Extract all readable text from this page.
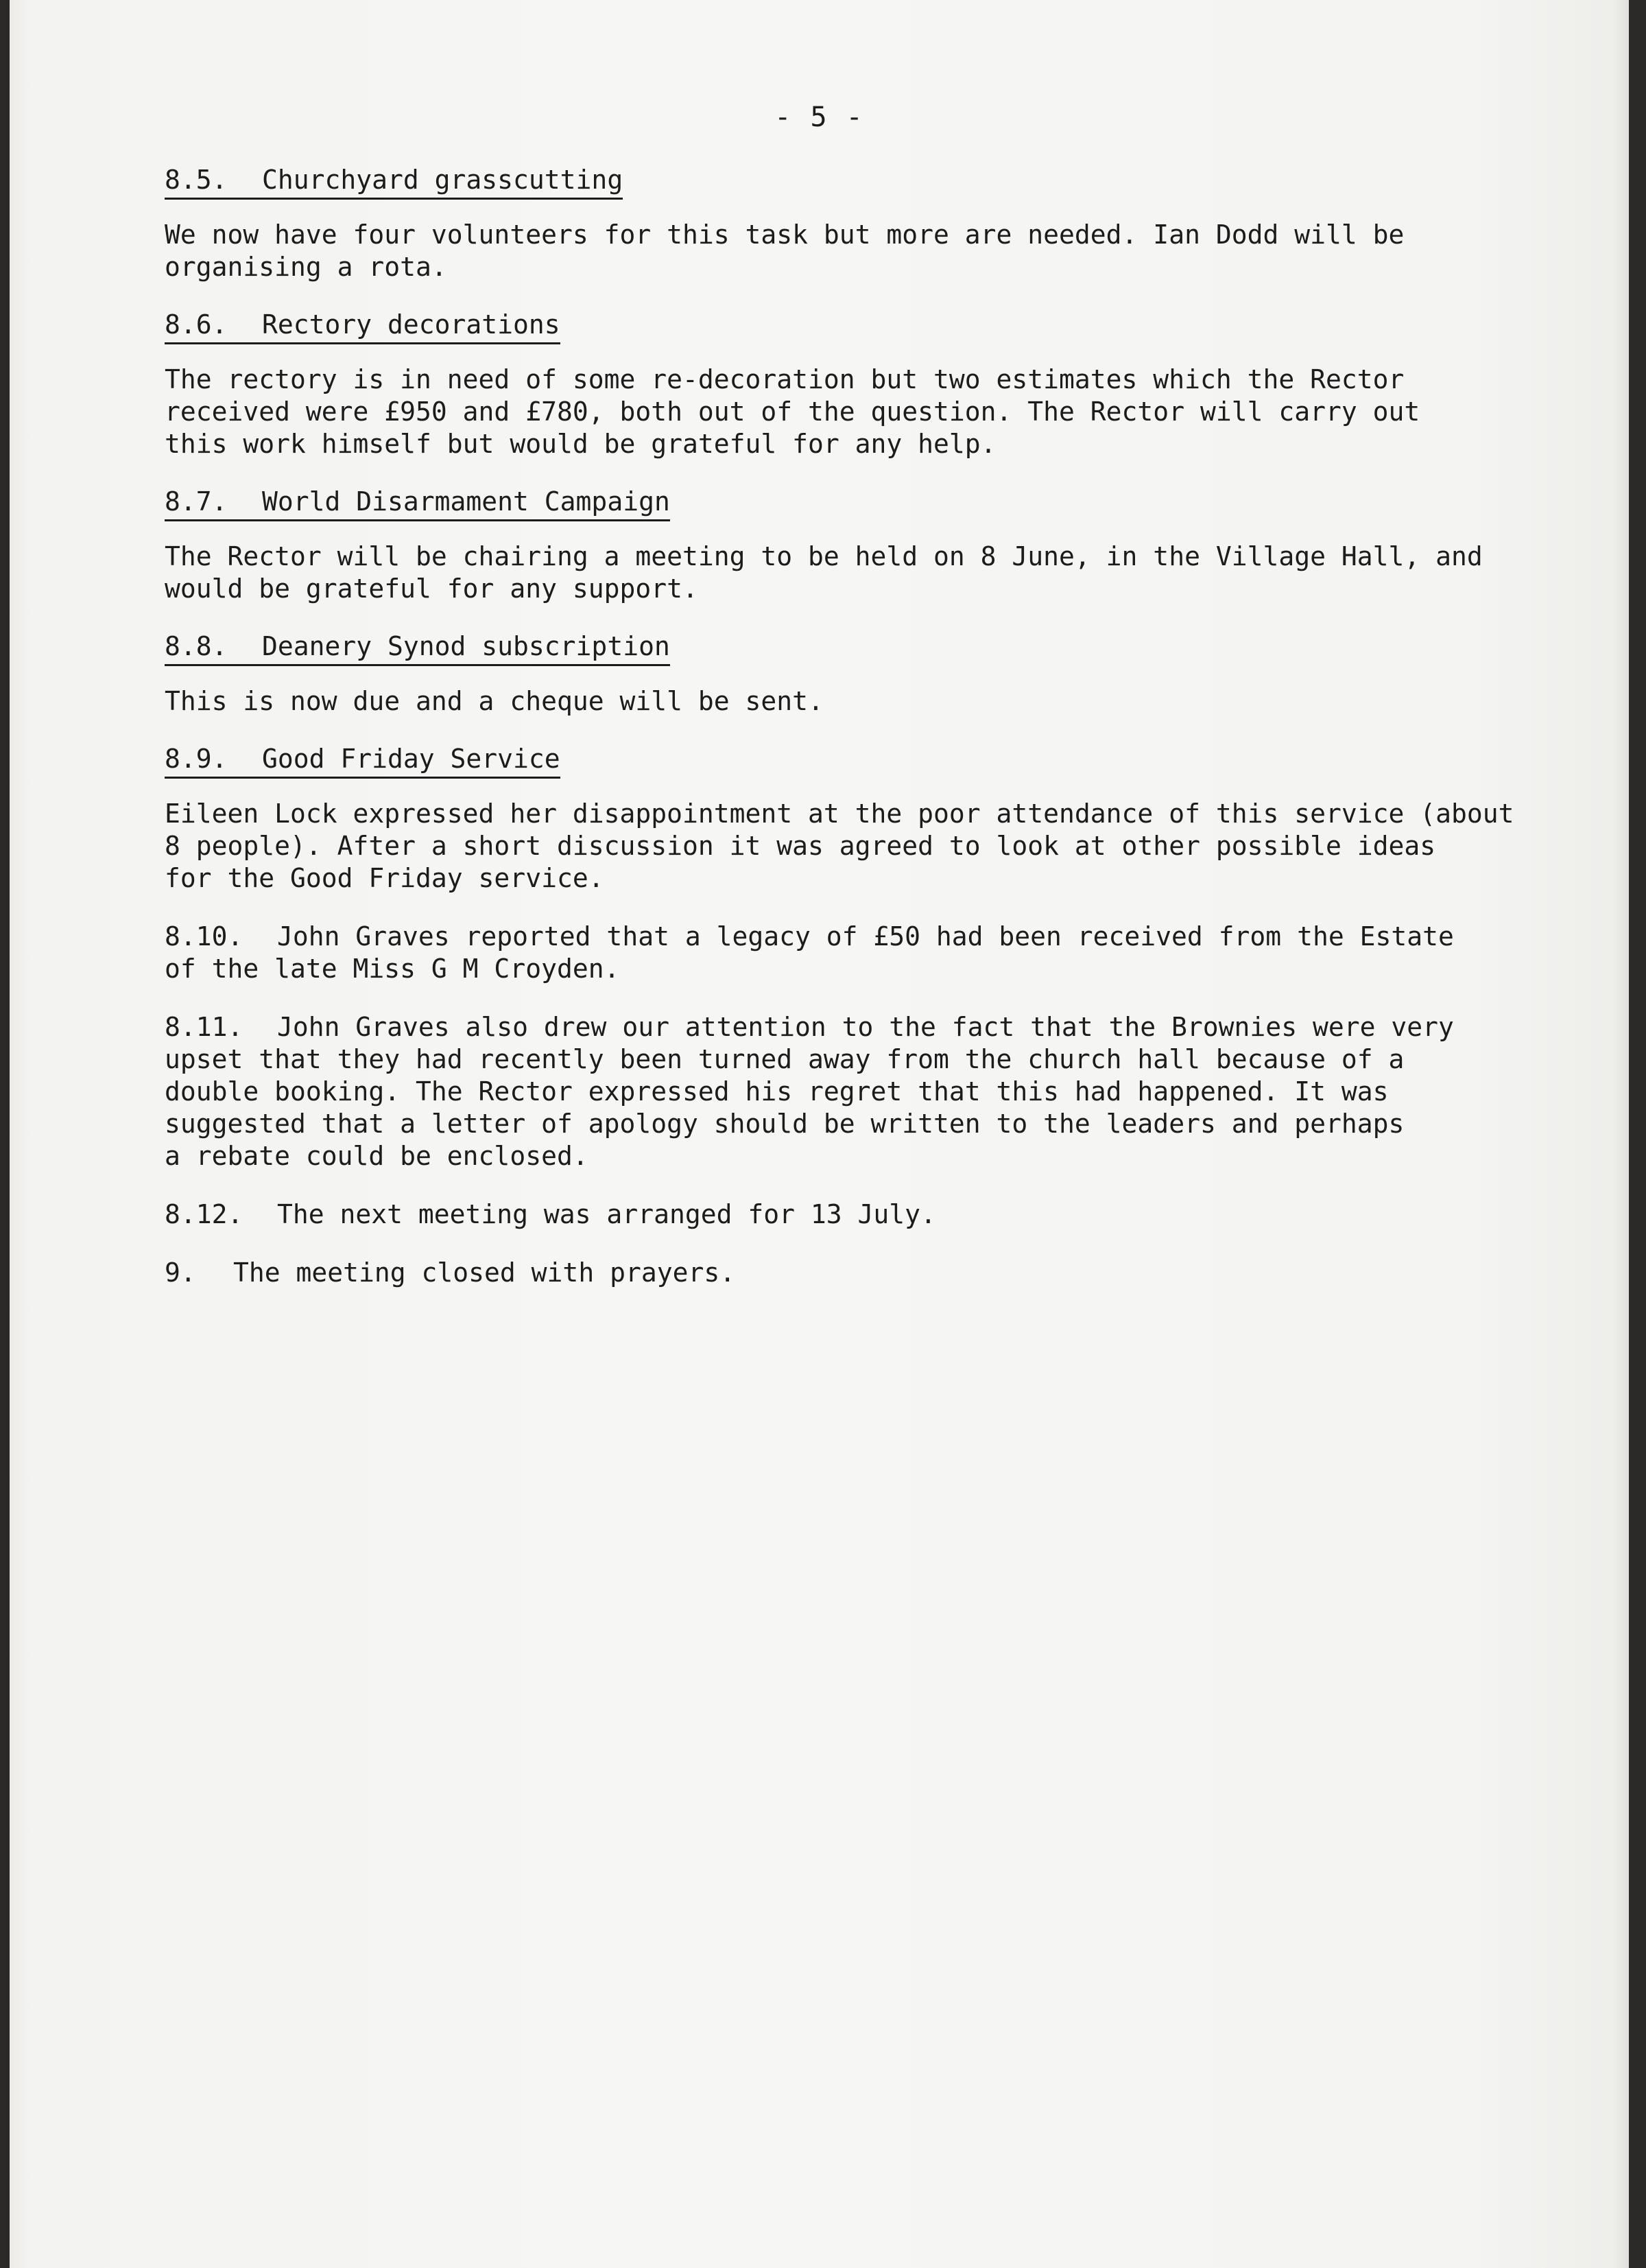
- 5 -
8.5. Churchyard grasscutting

We now have four volunteers for this task but more are needed. Ian Dodd will be
organising a rota.

8.6. Rectory decorations

The rectory is in need of some re-decoration but two estimates which the Rector
received were £950 and £780, both out of the question. The Rector will carry out
this work himself but would be grateful for any help.

8.7. World Disarmament Campaign

The Rector will be chairing a meeting to be held on 8 June, in the Village Hall, and
would be grateful for any support.

8.8. Deanery Synod subscription

This is now due and a cheque will be sent.

8.9. Good Friday Service

Eileen Lock expressed her disappointment at the poor attendance of this service (about
8 people). After a short discussion it was agreed to look at other possible ideas
for the Good Friday service.

8.10. John Graves reported that a legacy of £50 had been received from the Estate
of the late Miss G M Croyden.

8.11. John Graves also drew our attention to the fact that the Brownies were very
upset that they had recently been turned away from the church hall because of a
double booking. The Rector expressed his regret that this had happened. It was
suggested that a letter of apology should be written to the leaders and perhaps
a rebate could be enclosed.

8.12. The next meeting was arranged for 13 July.

9. The meeting closed with prayers.
